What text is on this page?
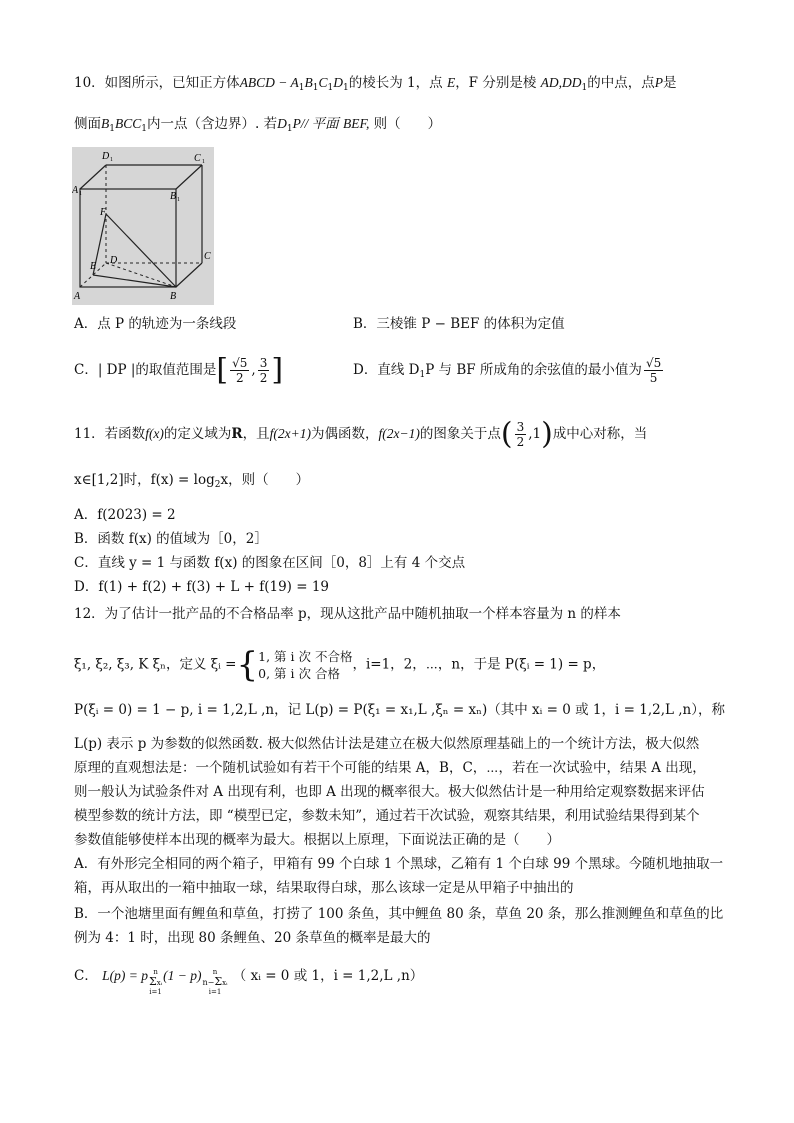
10．如图所示，已知正方体ABCD − $A_1B_1C_1D_1$的棱长为 1，点 E，F 分别是棱 $AD,DD_1$的中点，点P是
侧面$B_1BCC_1$内一点（含边界）. 若$D_1P//$ 平面 BEF, 则（　　）
D 1	C 1
A 1	B 1
F
E
D	C
A	B
A．点 P 的轨迹为一条线段	B．三棱锥 P − BEF 的体积为定值
C．| DP |的取值范围是[ $\frac{√5}{2}$ , $\frac{3}{2}$ ]	D．直线 $D_1P$ 与 BF 所成角的余弦值的最小值为 $\frac{√5}{5}$
11．若函数f(x)的定义域为R，且f(2x+1)为偶函数，f(2x−1)的图象关于点( $\frac{3}{2} ,1$)成中心对称，当
x∈[1,2]时，$f(x) = \log_2x$，则（　　）
A．f(2023) = 2
B．函数 f(x) 的值域为［0，2］
C．直线 y = 1 与函数 f(x) 的图象在区间［0，8］上有 4 个交点
D．f(1) + f(2) + f(3) + L + f(19) = 19
12．为了估计一批产品的不合格品率 p，现从这批产品中随机抽取一个样本容量为 n 的样本
ξ₁, ξ₂, ξ₃, K ξₙ，定义 ξᵢ ={ 1, 第 i 次 不合格
0, 第 i 次 合格
，i=1，2，⋯，n，于是 P(ξᵢ = 1) = p，
P(ξᵢ = 0) = 1 − p, i = 1,2,L ,n，记 L(p) = P(ξ₁ = x₁,L ,ξₙ = xₙ)（其中 xᵢ = 0 或 1，i = 1,2,L ,n），称
L(p) 表示 p 为参数的似然函数. 极大似然估计法是建立在极大似然原理基础上的一个统计方法，极大似然
原理的直观想法是：一个随机试验如有若干个可能的结果 A，B，C，⋯，若在一次试验中，结果 A 出现，
则一般认为试验条件对 A 出现有利，也即 A 出现的概率很大。极大似然估计是一种用给定观察数据来评估
模型参数的统计方法，即 “模型已定，参数未知”，通过若干次试验，观察其结果，利用试验结果得到某个
参数值能够使样本出现的概率为最大。根据以上原理，下面说法正确的是（　　）
A．有外形完全相同的两个箱子，甲箱有 99 个白球 1 个黑球，乙箱有 1 个白球 99 个黑球。今随机地抽取一
箱，再从取出的一箱中抽取一球，结果取得白球，那么该球一定是从甲箱子中抽出的
B．一个池塘里面有鲤鱼和草鱼，打捞了 100 条鱼，其中鲤鱼 80 条，草鱼 20 条，那么推测鲤鱼和草鱼的比
例为 4：1 时，出现 80 条鲤鱼、20 条草鱼的概率是最大的
C． L(p) = p n
Σxᵢ
i=1
(1 − p) n
n−Σxᵢ
i=1
（ xᵢ = 0 或 1，i = 1,2,L ,n）
